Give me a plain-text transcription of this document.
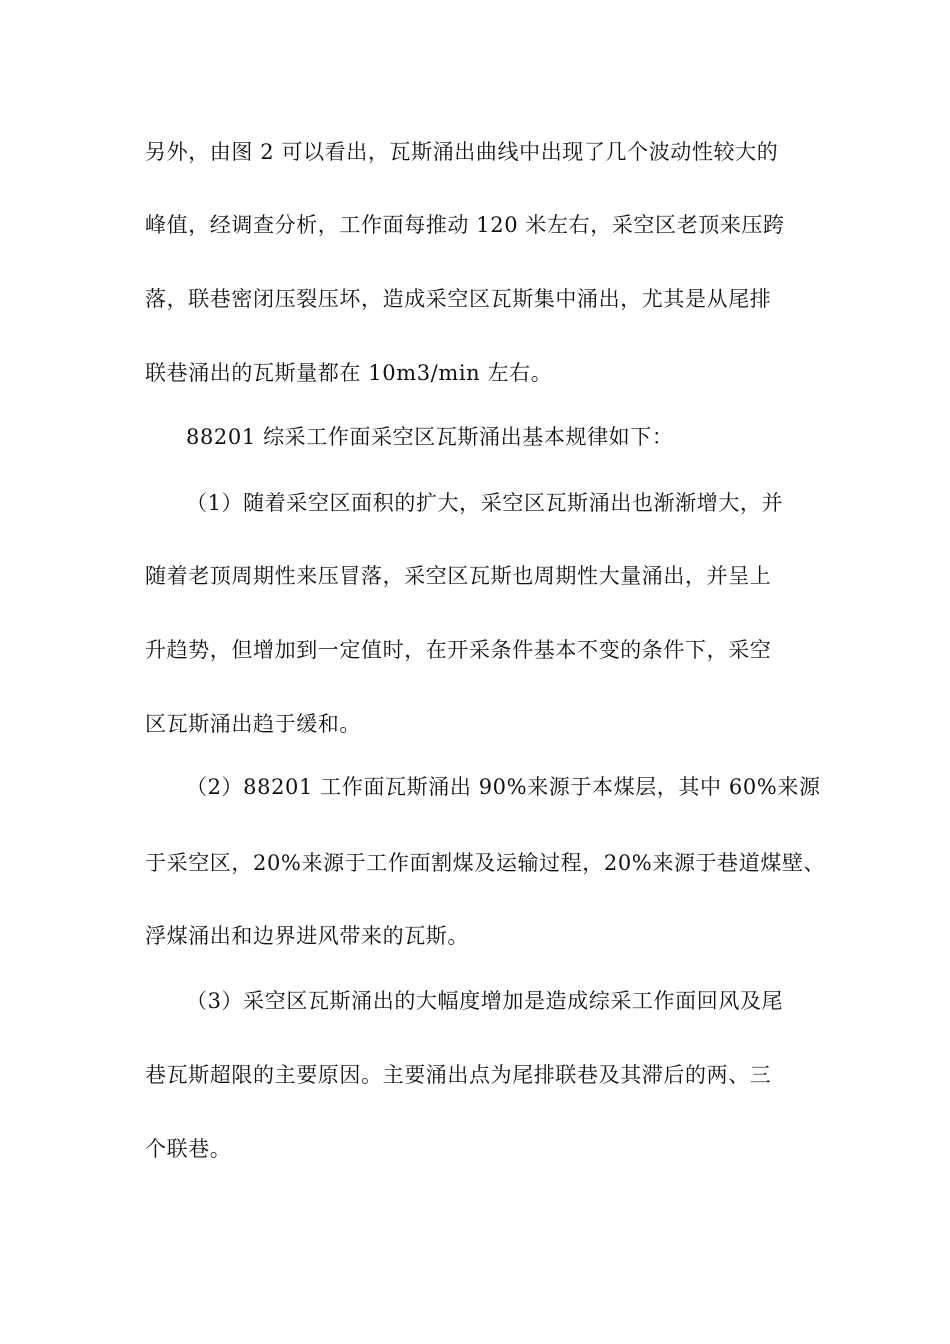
另外，由图 2 可以看出，瓦斯涌出曲线中出现了几个波动性较大的
峰值，经调查分析，工作面每推动 120 米左右，采空区老顶来压跨
落，联巷密闭压裂压坏，造成采空区瓦斯集中涌出，尤其是从尾排
联巷涌出的瓦斯量都在 10m3/min 左右。
88201 综采工作面采空区瓦斯涌出基本规律如下：
（1）随着采空区面积的扩大，采空区瓦斯涌出也渐渐增大，并
随着老顶周期性来压冒落，采空区瓦斯也周期性大量涌出，并呈上
升趋势，但增加到一定值时，在开采条件基本不变的条件下，采空
区瓦斯涌出趋于缓和。
（2）88201 工作面瓦斯涌出 90%来源于本煤层，其中 60%来源
于采空区，20%来源于工作面割煤及运输过程，20%来源于巷道煤壁、
浮煤涌出和边界进风带来的瓦斯。
（3）采空区瓦斯涌出的大幅度增加是造成综采工作面回风及尾
巷瓦斯超限的主要原因。主要涌出点为尾排联巷及其滞后的两、三
个联巷。
